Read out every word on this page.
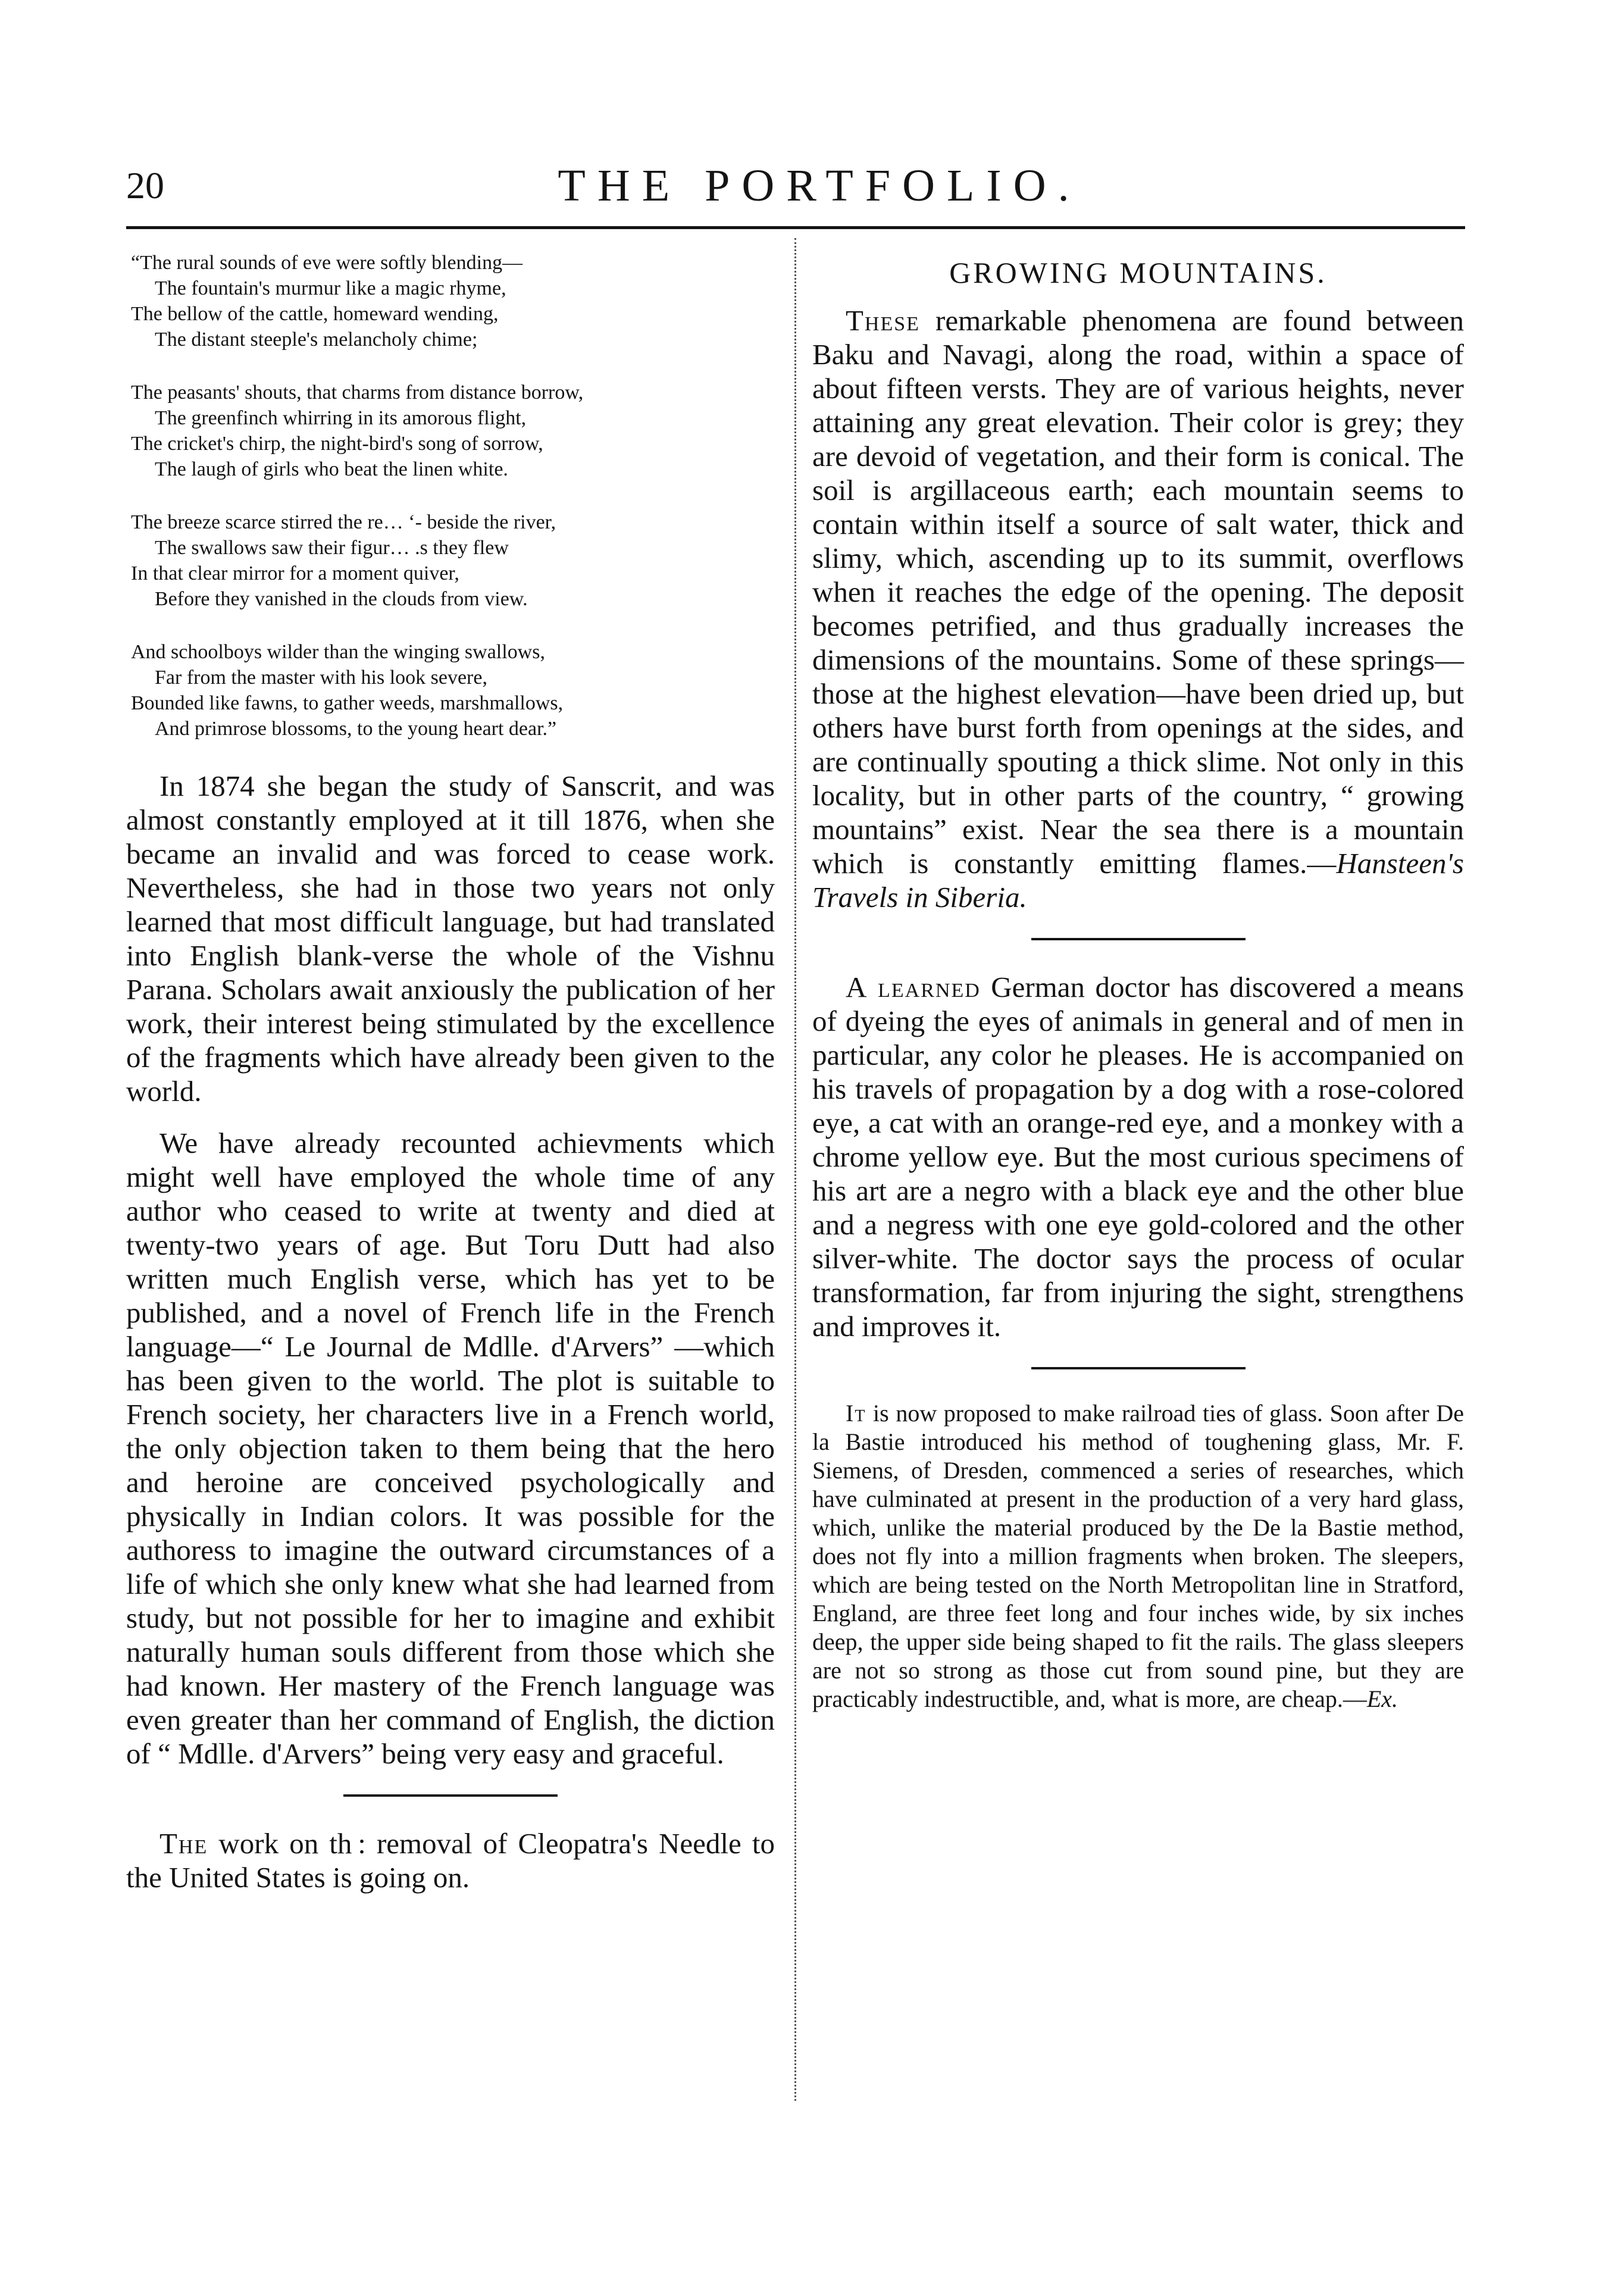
20	THE PORTFOLIO.
“The rural sounds of eve were softly blending—
The fountain's murmur like a magic rhyme,
The bellow of the cattle, homeward wending,
The distant steeple's melancholy chime;
The peasants' shouts, that charms from distance borrow,
The greenfinch whirring in its amorous flight,
The cricket's chirp, the night-bird's song of sorrow,
The laugh of girls who beat the linen white.
The breeze scarce stirred the re… ‘- beside the river,
The swallows saw their figur… .s they flew
In that clear mirror for a moment quiver,
Before they vanished in the clouds from view.
And schoolboys wilder than the winging swallows,
Far from the master with his look severe,
Bounded like fawns, to gather weeds, marshmallows,
And primrose blossoms, to the young heart dear.”

In 1874 she began the study of Sanscrit, and was almost constantly employed at it till 1876, when she became an invalid and was forced to cease work. Nevertheless, she had in those two years not only learned that most difficult language, but had translated into English blank-verse the whole of the Vishnu Parana. Scholars await anxiously the publication of her work, their interest being stimulated by the excellence of the fragments which have already been given to the world.

We have already recounted achievments which might well have employed the whole time of any author who ceased to write at twenty and died at twenty-two years of age. But Toru Dutt had also written much English verse, which has yet to be published, and a novel of French life in the French language—“ Le Journal de Mdlle. d'Arvers” —which has been given to the world. The plot is suitable to French society, her characters live in a French world, the only objection taken to them being that the hero and heroine are conceived psychologically and physically in Indian colors. It was possible for the authoress to imagine the outward circumstances of a life of which she only knew what she had learned from study, but not possible for her to imagine and exhibit naturally human souls different from those which she had known. Her mastery of the French language was even greater than her command of English, the diction of “ Mdlle. d'Arvers” being very easy and graceful.

The work on th : removal of Cleopatra's Needle to the United States is going on.

GROWING MOUNTAINS.

These remarkable phenomena are found between Baku and Navagi, along the road, within a space of about fifteen versts. They are of various heights, never attaining any great elevation. Their color is grey; they are devoid of vegetation, and their form is conical. The soil is argillaceous earth; each mountain seems to contain within itself a source of salt water, thick and slimy, which, ascending up to its summit, overflows when it reaches the edge of the opening. The deposit becomes petrified, and thus gradually increases the dimensions of the mountains. Some of these springs—those at the highest elevation—have been dried up, but others have burst forth from openings at the sides, and are continually spouting a thick slime. Not only in this locality, but in other parts of the country, “ growing mountains” exist. Near the sea there is a mountain which is constantly emitting flames.—Hansteen's Travels in Siberia.

A learned German doctor has discovered a means of dyeing the eyes of animals in general and of men in particular, any color he pleases. He is accompanied on his travels of propagation by a dog with a rose-colored eye, a cat with an orange-red eye, and a monkey with a chrome yellow eye. But the most curious specimens of his art are a negro with a black eye and the other blue and a negress with one eye gold-colored and the other silver-white. The doctor says the process of ocular transformation, far from injuring the sight, strengthens and improves it.

It is now proposed to make railroad ties of glass. Soon after De la Bastie introduced his method of toughening glass, Mr. F. Siemens, of Dresden, commenced a series of researches, which have culminated at present in the production of a very hard glass, which, unlike the material produced by the De la Bastie method, does not fly into a million fragments when broken. The sleepers, which are being tested on the North Metropolitan line in Stratford, England, are three feet long and four inches wide, by six inches deep, the upper side being shaped to fit the rails. The glass sleepers are not so strong as those cut from sound pine, but they are practicably indestructible, and, what is more, are cheap.—Ex.
